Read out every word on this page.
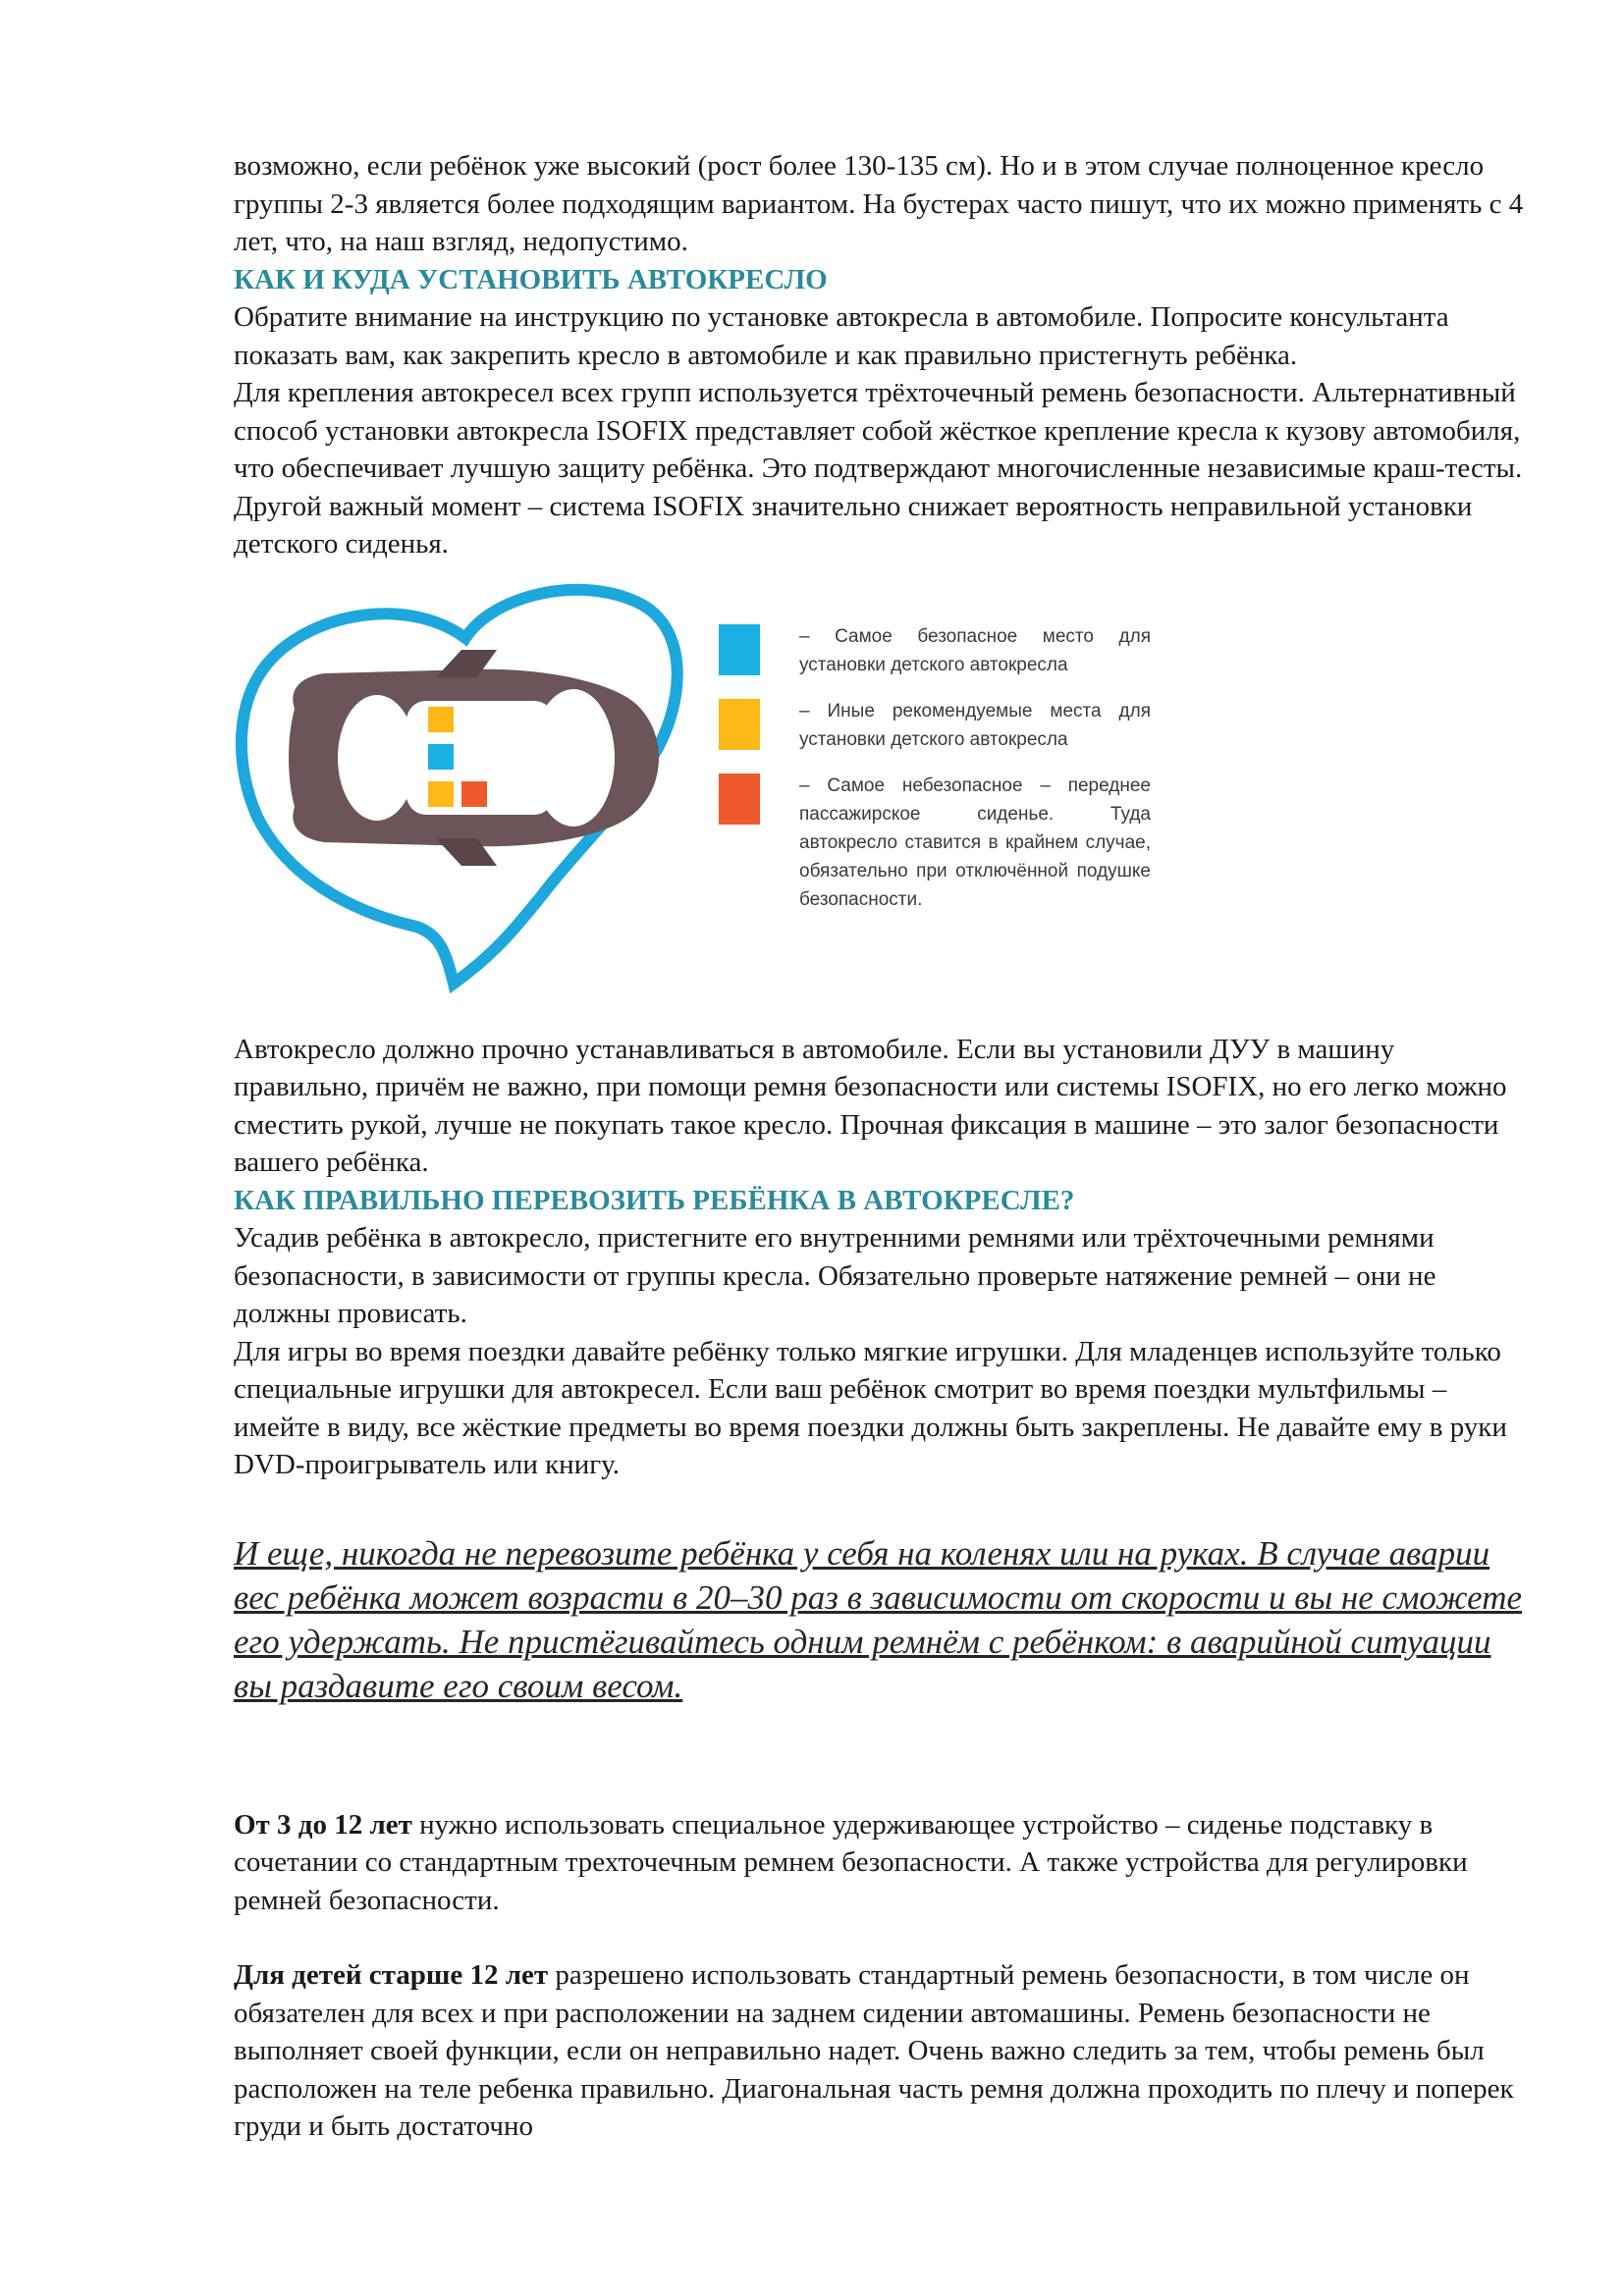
возможно, если ребёнок уже высокий (рост более 130-135 см). Но и в этом случае полноценное кресло группы 2-3 является более подходящим вариантом. На бустерах часто пишут, что их можно применять с 4 лет, что, на наш взгляд, недопустимо.

КАК И КУДА УСТАНОВИТЬ АВТОКРЕСЛО

Обратите внимание на инструкцию по установке автокресла в автомобиле. Попросите консультанта показать вам, как закрепить кресло в автомобиле и как правильно пристегнуть ребёнка.

Для крепления автокресел всех групп используется трёхточечный ремень безопасности. Альтернативный способ установки автокресла ISOFIX представляет собой жёсткое крепление кресла к кузову автомобиля, что обеспечивает лучшую защиту ребёнка. Это подтверждают многочисленные независимые краш-тесты. Другой важный момент – система ISOFIX значительно снижает вероятность неправильной установки детского сиденья.

– Самое безопасное место для установки детского автокресла
– Иные рекомендуемые места для установки детского автокресла
– Самое небезопасное – переднее пассажирское сиденье. Туда автокресло ставится в крайнем случае, обязательно при отключённой подушке безопасности.

Автокресло должно прочно устанавливаться в автомобиле. Если вы установили ДУУ в машину правильно, причём не важно, при помощи ремня безопасности или системы ISOFIX, но его легко можно сместить рукой, лучше не покупать такое кресло. Прочная фиксация в машине – это залог безопасности вашего ребёнка.

КАК ПРАВИЛЬНО ПЕРЕВОЗИТЬ РЕБЁНКА В АВТОКРЕСЛЕ?

Усадив ребёнка в автокресло, пристегните его внутренними ремнями или трёхточечными ремнями безопасности, в зависимости от группы кресла. Обязательно проверьте натяжение ремней – они не должны провисать.

Для игры во время поездки давайте ребёнку только мягкие игрушки. Для младенцев используйте только специальные игрушки для автокресел. Если ваш ребёнок смотрит во время поездки мультфильмы – имейте в виду, все жёсткие предметы во время поездки должны быть закреплены. Не давайте ему в руки DVD-проигрыватель или книгу.

И еще, никогда не перевозите ребёнка у себя на коленях или на руках. В случае аварии вес ребёнка может возрасти в 20–30 раз в зависимости от скорости и вы не сможете его удержать. Не пристёгивайтесь одним ремнём с ребёнком: в аварийной ситуации вы раздавите его своим весом.

От 3 до 12 лет нужно использовать специальное удерживающее устройство – сиденье подставку в сочетании со стандартным трехточечным ремнем безопасности. А также устройства для регулировки ремней безопасности.

Для детей старше 12 лет разрешено использовать стандартный ремень безопасности, в том числе он обязателен для всех и при расположении на заднем сидении автомашины. Ремень безопасности не выполняет своей функции, если он неправильно надет. Очень важно следить за тем, чтобы ремень был расположен на теле ребенка правильно. Диагональная часть ремня должна проходить по плечу и поперек груди и быть достаточно
